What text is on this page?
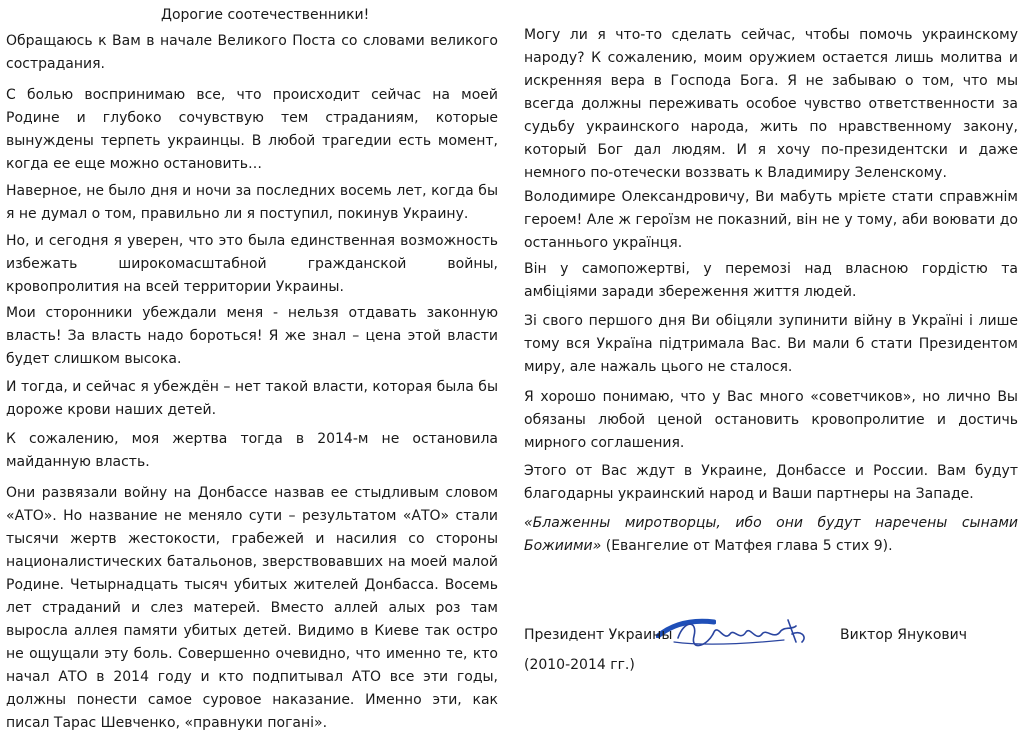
Дорогие соотечественники!

Обращаюсь к Вам в начале Великого Поста со словами великого сострадания.

С болью воспринимаю все, что происходит сейчас на моей Родине и глубоко сочувствую тем страданиям, которые вынуждены терпеть украинцы. В любой трагедии есть момент, когда ее еще можно остановить…

Наверное, не было дня и ночи за последних восемь лет, когда бы я не думал о том, правильно ли я поступил, покинув Украину.

Но, и сегодня я уверен, что это была единственная возможность избежать широкомасштабной гражданской войны, кровопролития на всей территории Украины.

Мои сторонники убеждали меня - нельзя отдавать законную власть! За власть надо бороться! Я же знал – цена этой власти будет слишком высока.

И тогда, и сейчас я убеждён – нет такой власти, которая была бы дороже крови наших детей.

К сожалению, моя жертва тогда в 2014-м не остановила майданную власть.

Они развязали войну на Донбассе назвав ее стыдливым словом «АТО». Но название не меняло сути – результатом «АТО» стали тысячи жертв жестокости, грабежей и насилия со стороны националистических батальонов, зверствовавших на моей малой Родине. Четырнадцать тысяч убитых жителей Донбасса. Восемь лет страданий и слез матерей. Вместо аллей алых роз там выросла аллея памяти убитых детей. Видимо в Киеве так остро не ощущали эту боль. Совершенно очевидно, что именно те, кто начал АТО в 2014 году и кто подпитывал АТО все эти годы, должны понести самое суровое наказание. Именно эти, как писал Тарас Шевченко, «правнуки погані».

Могу ли я что-то сделать сейчас, чтобы помочь украинскому народу? К сожалению, моим оружием остается лишь молитва и искренняя вера в Господа Бога. Я не забываю о том, что мы всегда должны переживать особое чувство ответственности за судьбу украинского народа, жить по нравственному закону, который Бог дал людям. И я хочу по-президентски и даже немного по-отечески воззвать к Владимиру Зеленскому.

Володимире Олександровичу, Ви мабуть мрієте стати справжнім героем! Але ж героїзм не показний, він не у тому, аби воювати до останнього українця.

Він у самопожертві, у перемозі над власною гордістю та амбіціями заради збереження життя людей.

Зі свого першого дня Ви обіцяли зупинити війну в Україні і лише тому вся Україна підтримала Вас. Ви мали б стати Президентом миру, але нажаль цього не сталося.

Я хорошо понимаю, что у Вас много «советчиков», но лично Вы обязаны любой ценой остановить кровопролитие и достичь мирного соглашения.

Этого от Вас ждут в Украине, Донбассе и России. Вам будут благодарны украинский народ и Ваши партнеры на Западе.

«Блаженны миротворцы, ибо они будут наречены сынами Божиими» (Евангелие от Матфея глава 5 стих 9).

Президент Украины	Виктор Янукович
(2010-2014 гг.)
